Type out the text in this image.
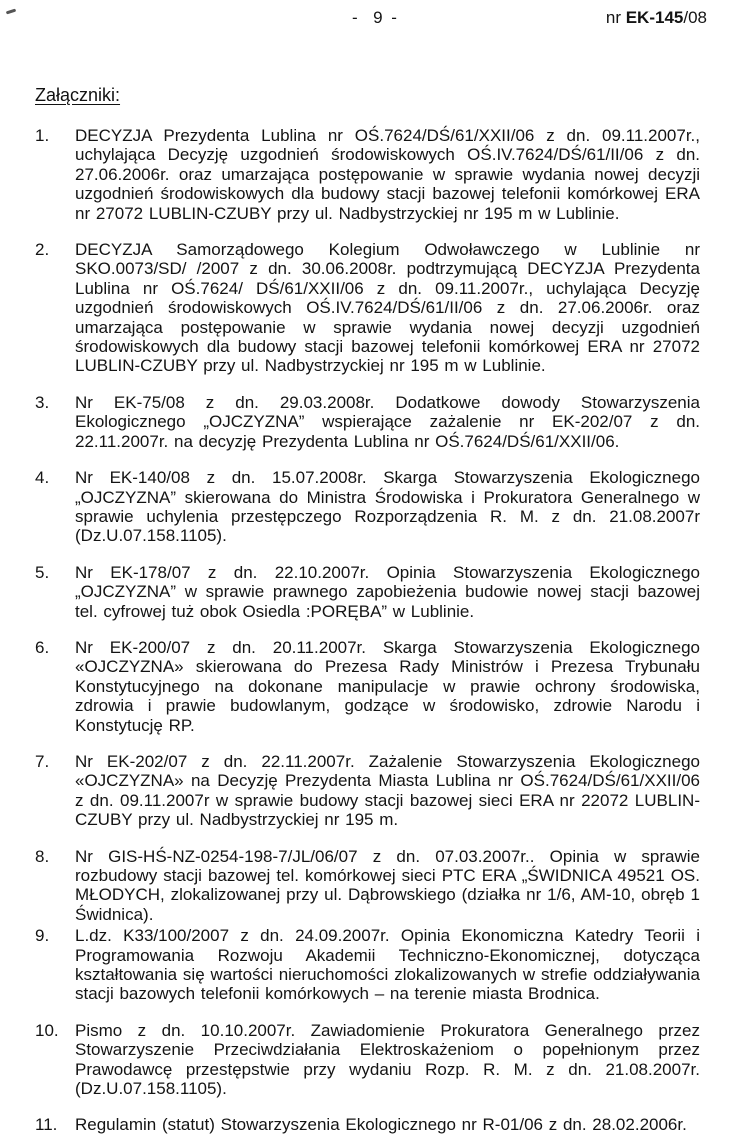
-  9 -	nr EK-145/08
Załączniki:
1.	DECYZJA Prezydenta Lublina nr OŚ.7624/DŚ/61/XXII/06 z dn. 09.11.2007r., uchylająca Decyzję uzgodnień środowiskowych OŚ.IV.7624/DŚ/61/II/06 z dn. 27.06.2006r. oraz umarzająca postępowanie w sprawie wydania nowej decyzji uzgodnień środowiskowych dla budowy stacji bazowej telefonii komórkowej ERA nr 27072 LUBLIN-CZUBY przy ul. Nadbystrzyckiej nr 195 m w Lublinie.
2.	DECYZJA Samorządowego Kolegium Odwoławczego w Lublinie nr SKO.0073/SD/ /2007 z dn. 30.06.2008r. podtrzymującą DECYZJA Prezydenta Lublina nr OŚ.7624/ DŚ/61/XXII/06 z dn. 09.11.2007r., uchylająca Decyzję uzgodnień środowiskowych OŚ.IV.7624/DŚ/61/II/06 z dn. 27.06.2006r. oraz umarzająca postępowanie w sprawie wydania nowej decyzji uzgodnień środowiskowych dla budowy stacji bazowej telefonii komórkowej ERA nr 27072 LUBLIN-CZUBY przy ul. Nadbystrzyckiej nr 195 m w Lublinie.
3.	Nr EK-75/08 z dn. 29.03.2008r. Dodatkowe dowody Stowarzyszenia Ekologicznego „OJCZYZNA” wspierające zażalenie nr EK-202/07 z dn. 22.11.2007r. na decyzję Prezydenta Lublina nr OŚ.7624/DŚ/61/XXII/06.
4.	Nr EK-140/08 z dn. 15.07.2008r. Skarga Stowarzyszenia Ekologicznego „OJCZYZNA” skierowana do Ministra Środowiska i Prokuratora Generalnego w sprawie uchylenia przestępczego Rozporządzenia R. M. z dn. 21.08.2007r (Dz.U.07.158.1105).
5.	Nr EK-178/07 z dn. 22.10.2007r. Opinia Stowarzyszenia Ekologicznego „OJCZYZNA” w sprawie prawnego zapobieżenia budowie nowej stacji bazowej tel. cyfrowej tuż obok Osiedla :PORĘBA” w Lublinie.
6.	Nr EK-200/07 z dn. 20.11.2007r. Skarga Stowarzyszenia Ekologicznego «OJCZYZNA» skierowana do Prezesa Rady Ministrów i Prezesa Trybunału Konstytucyjnego na dokonane manipulacje w prawie ochrony środowiska, zdrowia i prawie budowlanym, godzące w środowisko, zdrowie Narodu i Konstytucję RP.
7.	Nr EK-202/07 z dn. 22.11.2007r. Zażalenie Stowarzyszenia Ekologicznego «OJCZYZNA» na Decyzję Prezydenta Miasta Lublina nr OŚ.7624/DŚ/61/XXII/06 z dn. 09.11.2007r w sprawie budowy stacji bazowej sieci ERA nr 22072 LUBLIN-CZUBY przy ul. Nadbystrzyckiej nr 195 m.
8.	Nr GIS-HŚ-NZ-0254-198-7/JL/06/07 z dn. 07.03.2007r.. Opinia w sprawie rozbudowy stacji bazowej tel. komórkowej sieci PTC ERA „ŚWIDNICA 49521 OS. MŁODYCH, zlokalizowanej przy ul. Dąbrowskiego (działka nr 1/6, AM-10, obręb 1 Świdnica).
9.	L.dz. K33/100/2007 z dn. 24.09.2007r. Opinia Ekonomiczna Katedry Teorii i Programowania Rozwoju Akademii Techniczno-Ekonomicznej, dotycząca kształtowania się wartości nieruchomości zlokalizowanych w strefie oddziaływania stacji bazowych telefonii komórkowych – na terenie miasta Brodnica.
10. Pismo z dn. 10.10.2007r. Zawiadomienie Prokuratora Generalnego przez Stowarzyszenie Przeciwdziałania Elektroskażeniom o popełnionym przez Prawodawcę przestępstwie przy wydaniu Rozp. R. M. z dn. 21.08.2007r. (Dz.U.07.158.1105).
11.	Regulamin (statut) Stowarzyszenia Ekologicznego nr R-01/06 z dn. 28.02.2006r.
